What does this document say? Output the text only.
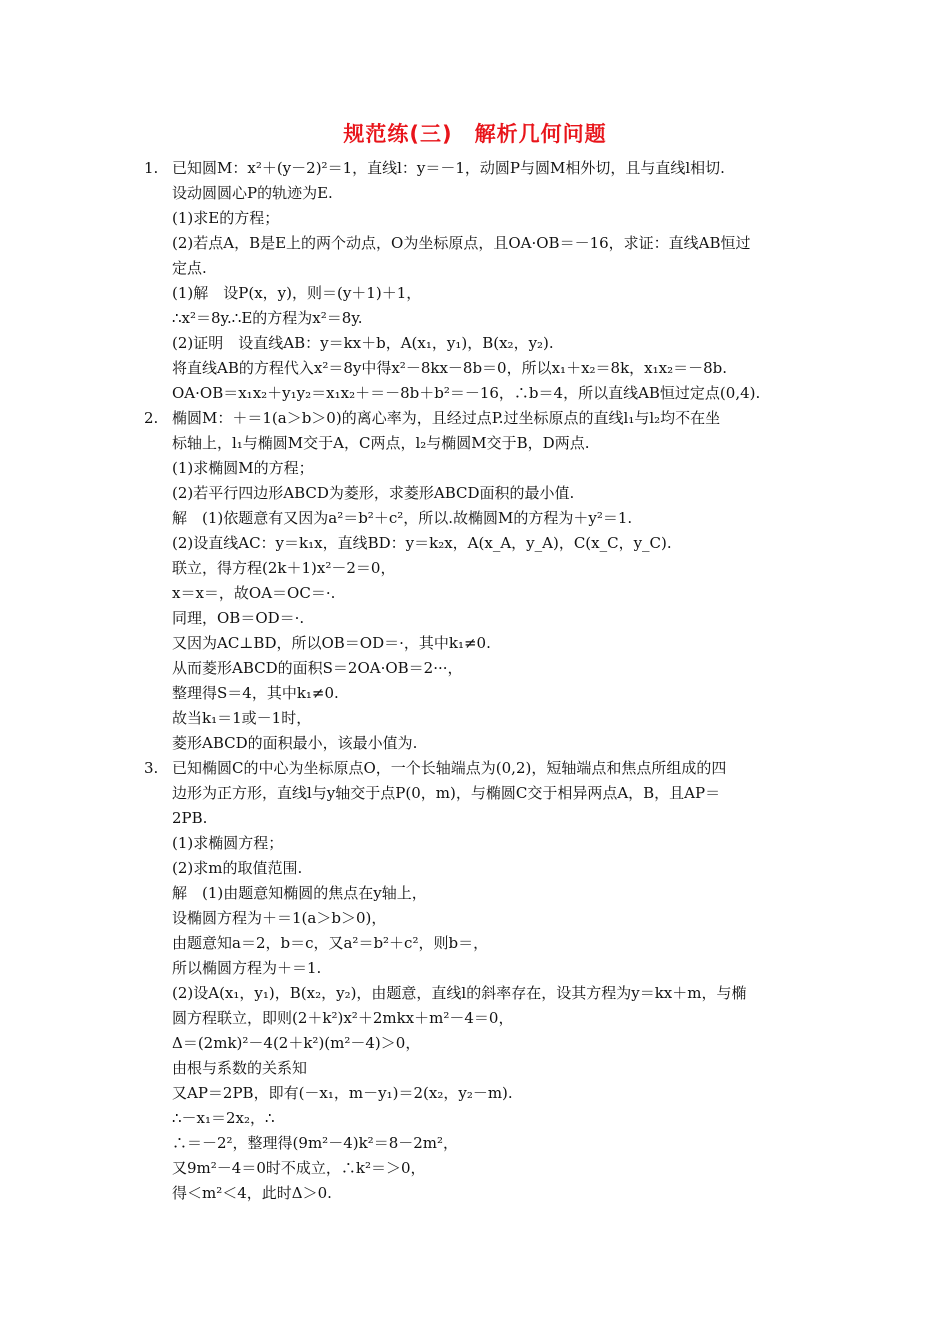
规范练(三)　解析几何问题
1. 已知圆M：x²＋(y－2)²＝1，直线l：y＝－1，动圆P与圆M相外切，且与直线l相切.
设动圆圆心P的轨迹为E.
(1)求E的方程；
(2)若点A，B是E上的两个动点，O为坐标原点，且OA·OB＝－16，求证：直线AB恒过
定点.
(1)解　设P(x，y)，则＝(y＋1)＋1，
∴x²＝8y.∴E的方程为x²＝8y.
(2)证明　设直线AB：y＝kx＋b，A(x₁，y₁)，B(x₂，y₂).
将直线AB的方程代入x²＝8y中得x²－8kx－8b＝0，所以x₁＋x₂＝8k，x₁x₂＝－8b.
OA·OB＝x₁x₂＋y₁y₂＝x₁x₂＋＝－8b＋b²＝－16，∴b＝4，所以直线AB恒过定点(0,4).
2. 椭圆M：＋＝1(a＞b＞0)的离心率为，且经过点P.过坐标原点的直线l₁与l₂均不在坐
标轴上，l₁与椭圆M交于A，C两点，l₂与椭圆M交于B，D两点.
(1)求椭圆M的方程；
(2)若平行四边形ABCD为菱形，求菱形ABCD面积的最小值.
解　(1)依题意有又因为a²＝b²＋c²，所以.故椭圆M的方程为＋y²＝1.
(2)设直线AC：y＝k₁x，直线BD：y＝k₂x，A(x_A，y_A)，C(x_C，y_C).
联立，得方程(2k＋1)x²－2＝0，
x＝x＝，故OA＝OC＝·.
同理，OB＝OD＝·.
又因为AC⊥BD，所以OB＝OD＝·，其中k₁≠0.
从而菱形ABCD的面积S＝2OA·OB＝2···，
整理得S＝4，其中k₁≠0.
故当k₁＝1或－1时，
菱形ABCD的面积最小，该最小值为.
3. 已知椭圆C的中心为坐标原点O，一个长轴端点为(0,2)，短轴端点和焦点所组成的四
边形为正方形，直线l与y轴交于点P(0，m)，与椭圆C交于相异两点A，B，且AP＝
2PB.
(1)求椭圆方程；
(2)求m的取值范围.
解　(1)由题意知椭圆的焦点在y轴上，
设椭圆方程为＋＝1(a＞b＞0)，
由题意知a＝2，b＝c，又a²＝b²＋c²，则b＝，
所以椭圆方程为＋＝1.
(2)设A(x₁，y₁)，B(x₂，y₂)，由题意，直线l的斜率存在，设其方程为y＝kx＋m，与椭
圆方程联立，即则(2＋k²)x²＋2mkx＋m²－4＝0，
Δ＝(2mk)²－4(2＋k²)(m²－4)＞0，
由根与系数的关系知
又AP＝2PB，即有(－x₁，m－y₁)＝2(x₂，y₂－m).
∴－x₁＝2x₂，∴
∴＝－2²，整理得(9m²－4)k²＝8－2m²，
又9m²－4＝0时不成立，∴k²＝＞0，
得＜m²＜4，此时Δ＞0.
